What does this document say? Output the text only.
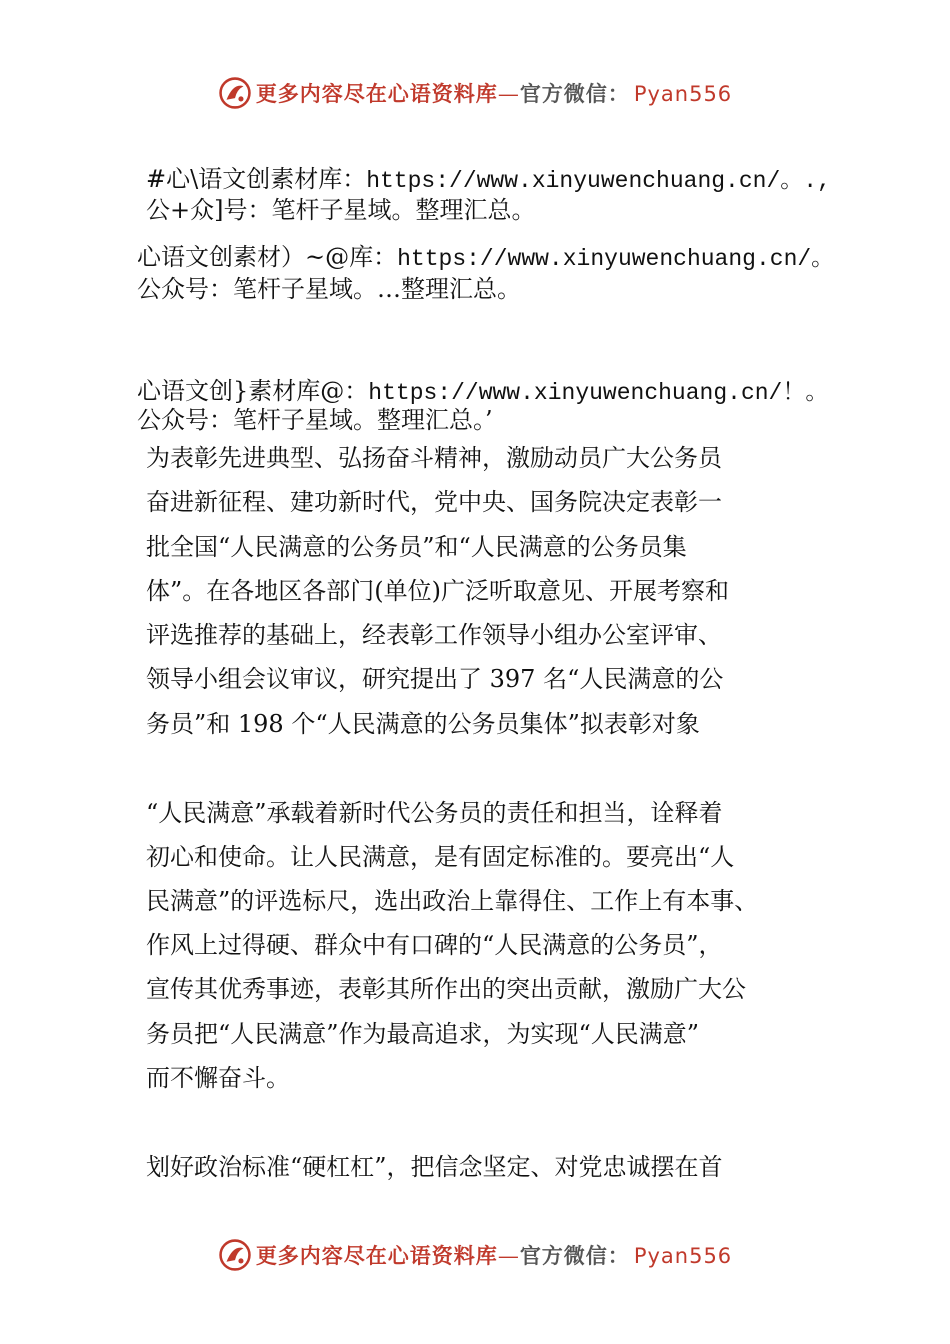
更多内容尽在心语资料库—官方微信： Pyan556
#心\语文创素材库：https://www.xinyuwenchuang.cn/。.,
公+众]号：笔杆子星域。整理汇总。
心语文创素材）~@库：https://www.xinyuwenchuang.cn/。
公众号：笔杆子星域。…整理汇总。
心语文创}素材库@：https://www.xinyuwenchuang.cn/！。
公众号：笔杆子星域。整理汇总。’
为表彰先进典型、弘扬奋斗精神，激励动员广大公务员
奋进新征程、建功新时代，党中央、国务院决定表彰一
批全国“人民满意的公务员”和“人民满意的公务员集
体”。在各地区各部门(单位)广泛听取意见、开展考察和
评选推荐的基础上，经表彰工作领导小组办公室评审、
领导小组会议审议，研究提出了 397 名“人民满意的公
务员”和 198 个“人民满意的公务员集体”拟表彰对象
“人民满意”承载着新时代公务员的责任和担当，诠释着
初心和使命。让人民满意，是有固定标准的。要亮出“人
民满意”的评选标尺，选出政治上靠得住、工作上有本事、
作风上过得硬、群众中有口碑的“人民满意的公务员”，
宣传其优秀事迹，表彰其所作出的突出贡献，激励广大公
务员把“人民满意”作为最高追求，为实现“人民满意”
而不懈奋斗。
划好政治标准“硬杠杠”，把信念坚定、对党忠诚摆在首
更多内容尽在心语资料库—官方微信： Pyan556
